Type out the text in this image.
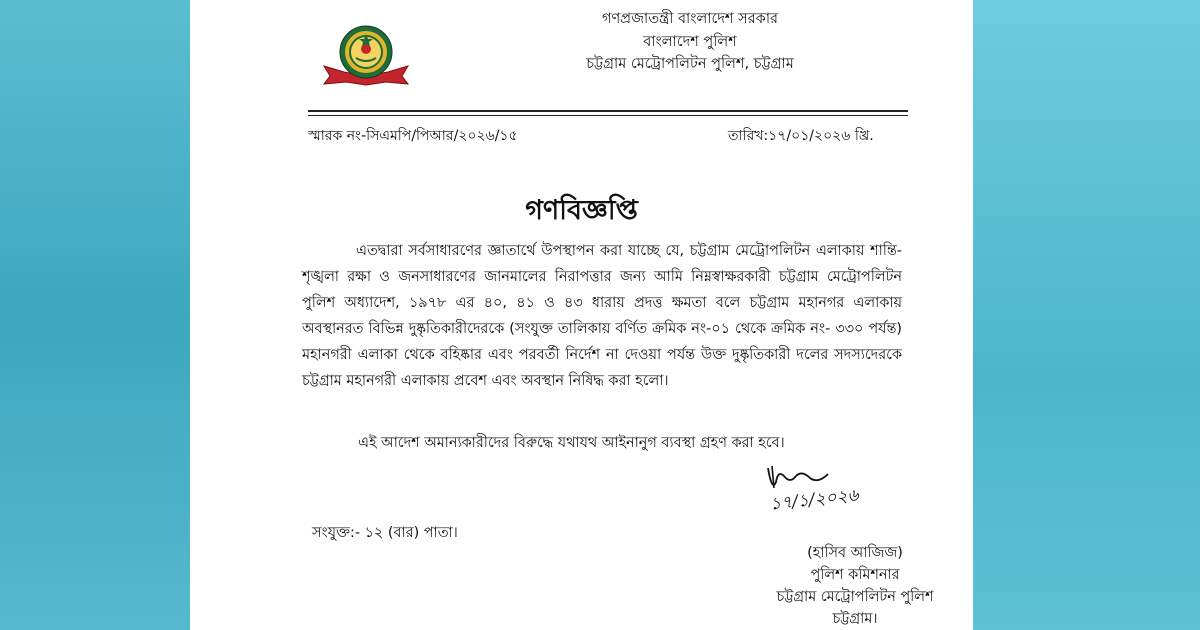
গণপ্রজাতন্ত্রী বাংলাদেশ সরকার
বাংলাদেশ পুলিশ
চট্টগ্রাম মেট্রোপলিটন পুলিশ, চট্টগ্রাম
স্মারক নং-সিএমপি/পিআর/২০২৬/১৫	তারিখ:১৭/০১/২০২৬ খ্রি.
গণবিজ্ঞপ্তি
এতদ্বারা সর্বসাধারণের জ্ঞাতার্থে উপস্থাপন করা যাচ্ছে যে, চট্টগ্রাম মেট্রোপলিটন এলাকায় শান্তি-শৃঙ্খলা রক্ষা ও জনসাধারণের জানমালের নিরাপত্তার জন্য আমি নিম্নস্বাক্ষরকারী চট্টগ্রাম মেট্রোপলিটন পুলিশ অধ্যাদেশ, ১৯৭৮ এর ৪০, ৪১ ও ৪৩ ধারায় প্রদত্ত ক্ষমতা বলে চট্টগ্রাম মহানগর এলাকায় অবস্থানরত বিভিন্ন দুষ্কৃতিকারীদেরকে (সংযুক্ত তালিকায় বর্ণিত ক্রমিক নং-০১ থেকে ক্রমিক নং- ৩৩০ পর্যন্ত) মহানগরী এলাকা থেকে বহিষ্কার এবং পরবর্তী নির্দেশ না দেওয়া পর্যন্ত উক্ত দুষ্কৃতিকারী দলের সদস্যদেরকে চট্টগ্রাম মহানগরী এলাকায় প্রবেশ এবং অবস্থান নিষিদ্ধ করা হলো।
এই আদেশ অমান্যকারীদের বিরুদ্ধে যথাযথ আইনানুগ ব্যবস্থা গ্রহণ করা হবে।
১৭/১/২০২৬
সংযুক্ত:- ১২ (বার) পাতা।
(হাসিব আজিজ)
পুলিশ কমিশনার
চট্টগ্রাম মেট্রোপলিটন পুলিশ
চট্টগ্রাম।
